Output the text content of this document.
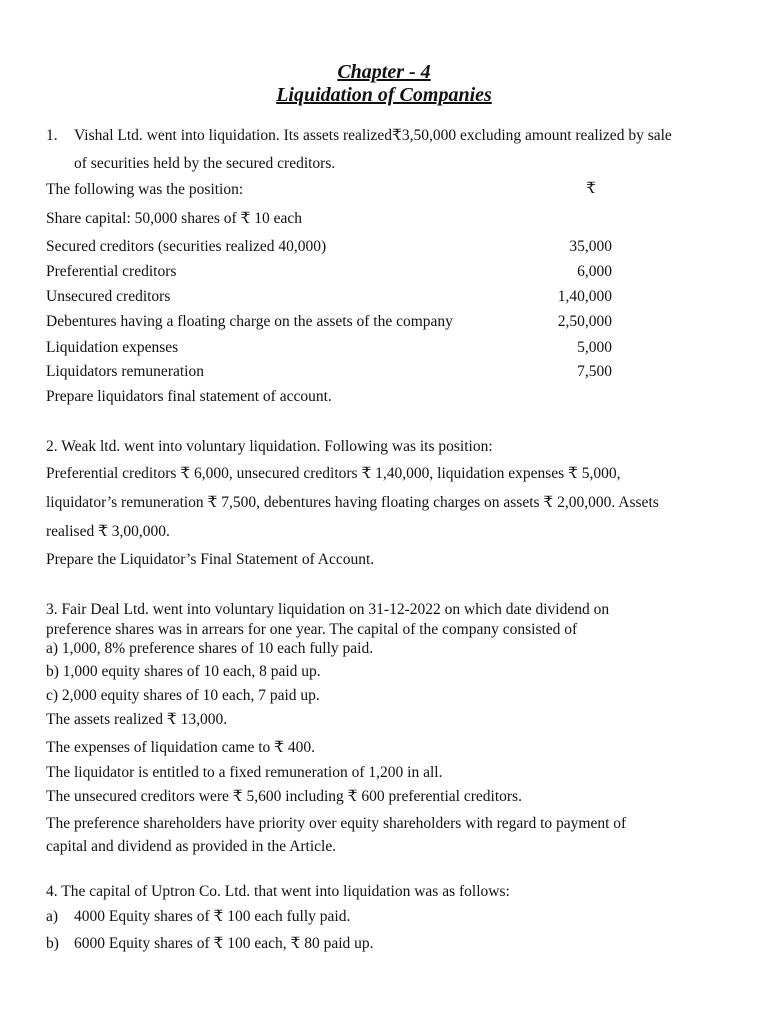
Chapter - 4
Liquidation of Companies
1. Vishal Ltd. went into liquidation. Its assets realized₹3,50,000 excluding amount realized by sale
of securities held by the secured creditors.
The following was the position:	₹
Share capital: 50,000 shares of ₹ 10 each
Secured creditors (securities realized 40,000)	35,000
Preferential creditors	6,000
Unsecured creditors	1,40,000
Debentures having a floating charge on the assets of the company	2,50,000
Liquidation expenses	5,000
Liquidators remuneration	7,500
Prepare liquidators final statement of account.
2. Weak ltd. went into voluntary liquidation. Following was its position:
Preferential creditors ₹ 6,000, unsecured creditors ₹ 1,40,000, liquidation expenses ₹ 5,000,
liquidator’s remuneration ₹ 7,500, debentures having floating charges on assets ₹ 2,00,000. Assets
realised ₹ 3,00,000.
Prepare the Liquidator’s Final Statement of Account.
3. Fair Deal Ltd. went into voluntary liquidation on 31-12-2022 on which date dividend on
preference shares was in arrears for one year. The capital of the company consisted of
a) 1,000, 8% preference shares of 10 each fully paid.
b) 1,000 equity shares of 10 each, 8 paid up.
c) 2,000 equity shares of 10 each, 7 paid up.
The assets realized ₹ 13,000.
The expenses of liquidation came to ₹ 400.
The liquidator is entitled to a fixed remuneration of 1,200 in all.
The unsecured creditors were ₹ 5,600 including ₹ 600 preferential creditors.
The preference shareholders have priority over equity shareholders with regard to payment of
capital and dividend as provided in the Article.
4. The capital of Uptron Co. Ltd. that went into liquidation was as follows:
a) 4000 Equity shares of ₹ 100 each fully paid.
b) 6000 Equity shares of ₹ 100 each, ₹ 80 paid up.
